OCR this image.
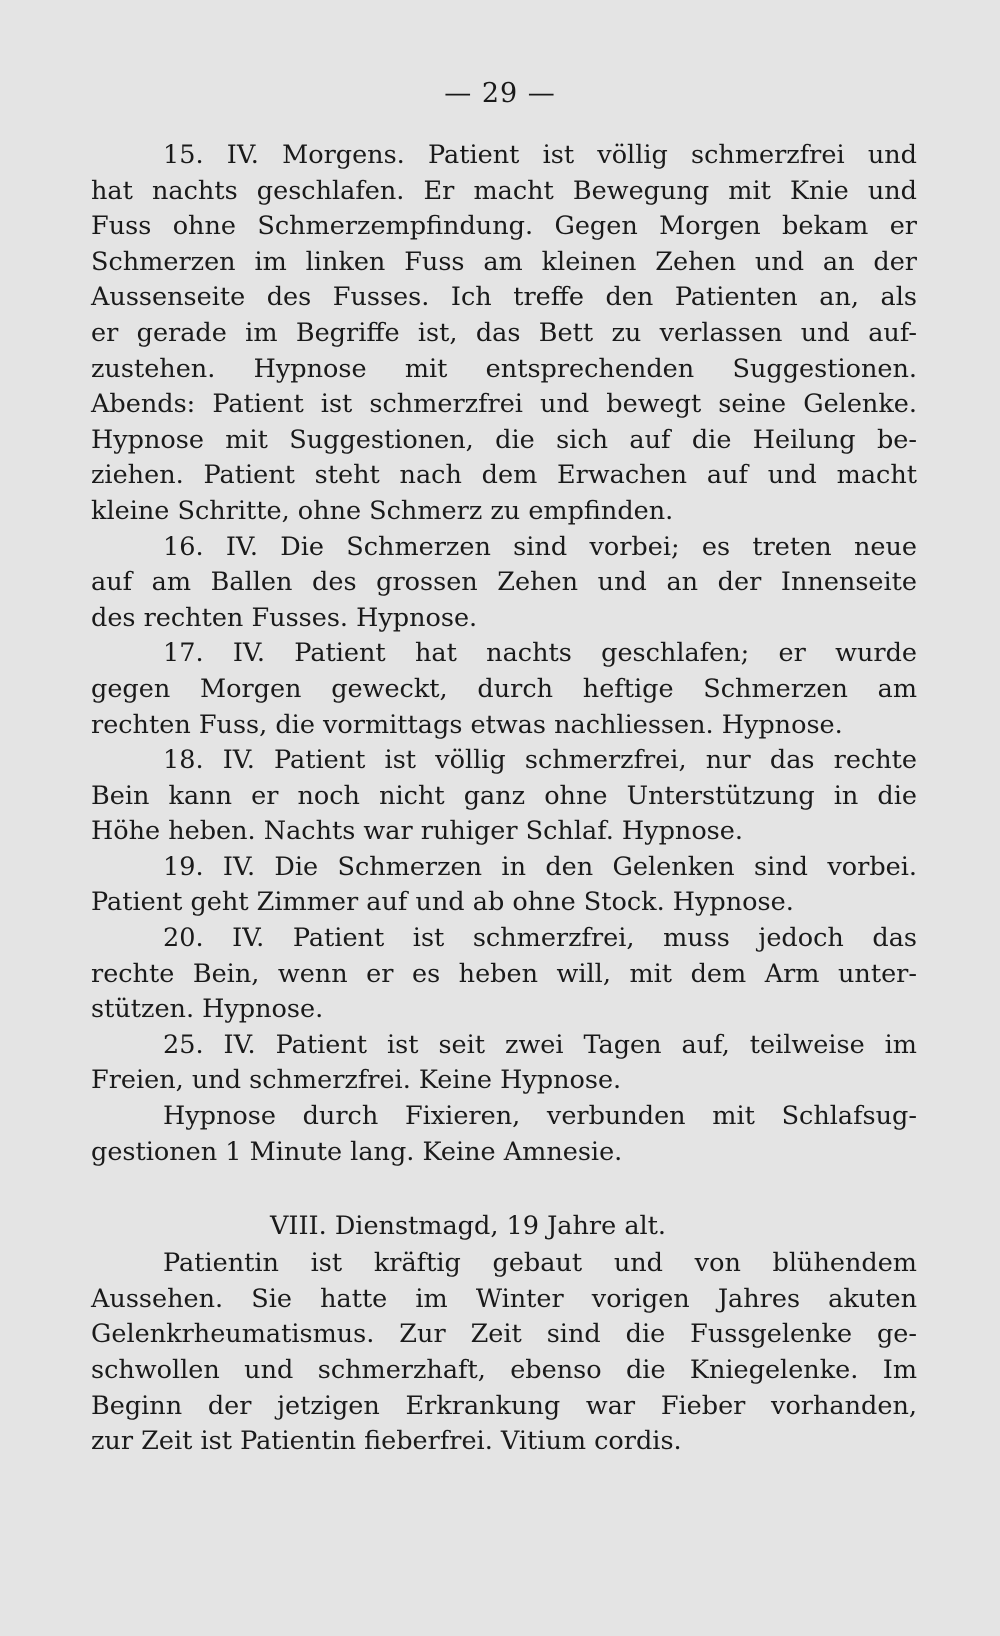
— 29 —
15. IV. Morgens. Patient ist völlig schmerzfrei und
hat nachts geschlafen. Er macht Bewegung mit Knie und
Fuss ohne Schmerzempfindung. Gegen Morgen bekam er
Schmerzen im linken Fuss am kleinen Zehen und an der
Aussenseite des Fusses. Ich treffe den Patienten an, als
er gerade im Begriffe ist, das Bett zu verlassen und auf-
zustehen. Hypnose mit entsprechenden Suggestionen.
Abends: Patient ist schmerzfrei und bewegt seine Gelenke.
Hypnose mit Suggestionen, die sich auf die Heilung be-
ziehen. Patient steht nach dem Erwachen auf und macht
kleine Schritte, ohne Schmerz zu empfinden.
16. IV. Die Schmerzen sind vorbei; es treten neue
auf am Ballen des grossen Zehen und an der Innenseite
des rechten Fusses. Hypnose.
17. IV. Patient hat nachts geschlafen; er wurde
gegen Morgen geweckt, durch heftige Schmerzen am
rechten Fuss, die vormittags etwas nachliessen. Hypnose.
18. IV. Patient ist völlig schmerzfrei, nur das rechte
Bein kann er noch nicht ganz ohne Unterstützung in die
Höhe heben. Nachts war ruhiger Schlaf. Hypnose.
19. IV. Die Schmerzen in den Gelenken sind vorbei.
Patient geht Zimmer auf und ab ohne Stock. Hypnose.
20. IV. Patient ist schmerzfrei, muss jedoch das
rechte Bein, wenn er es heben will, mit dem Arm unter-
stützen. Hypnose.
25. IV. Patient ist seit zwei Tagen auf, teilweise im
Freien, und schmerzfrei. Keine Hypnose.
Hypnose durch Fixieren, verbunden mit Schlafsug-
gestionen 1 Minute lang. Keine Amnesie.
VIII. Dienstmagd, 19 Jahre alt.
Patientin ist kräftig gebaut und von blühendem
Aussehen. Sie hatte im Winter vorigen Jahres akuten
Gelenkrheumatismus. Zur Zeit sind die Fussgelenke ge-
schwollen und schmerzhaft, ebenso die Kniegelenke. Im
Beginn der jetzigen Erkrankung war Fieber vorhanden,
zur Zeit ist Patientin fieberfrei. Vitium cordis.
